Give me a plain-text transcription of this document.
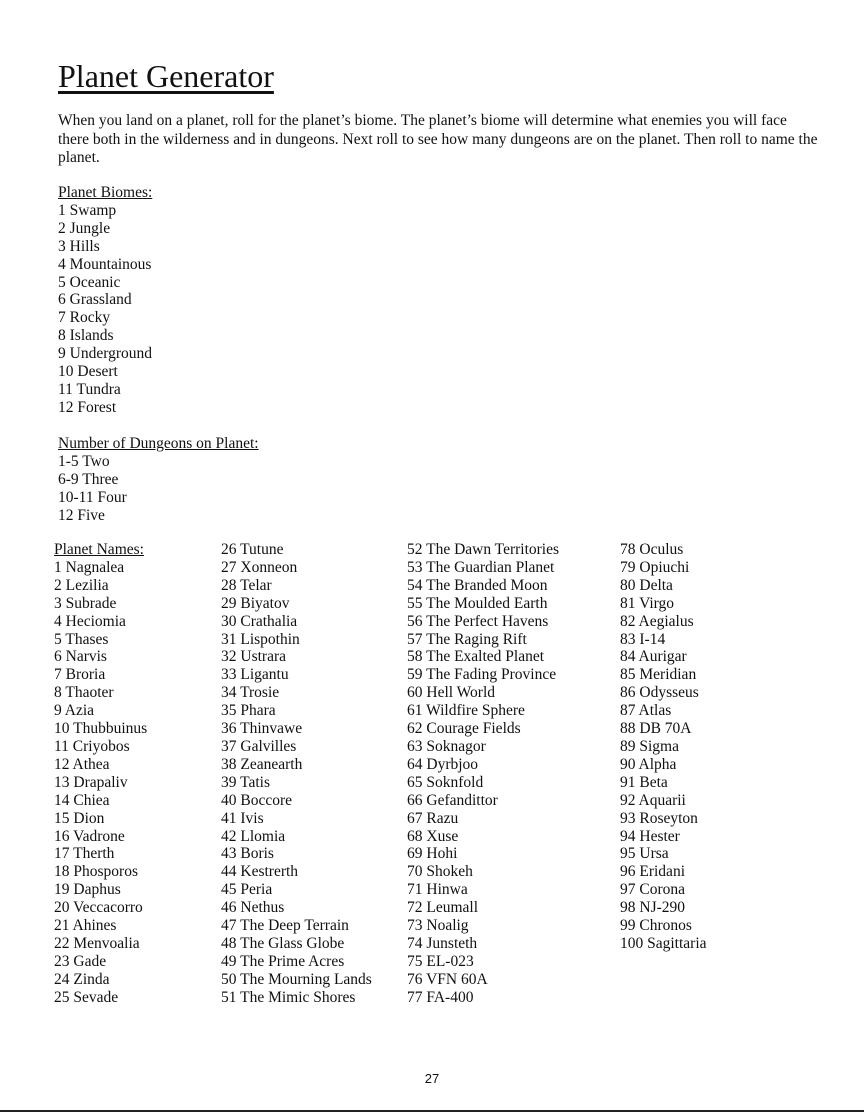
Planet Generator

When you land on a planet, roll for the planet’s biome. The planet’s biome will determine what enemies you will face there both in the wilderness and in dungeons. Next roll to see how many dungeons are on the planet. Then roll to name the planet.

Planet Biomes:
1 Swamp
2 Jungle
3 Hills
4 Mountainous
5 Oceanic
6 Grassland
7 Rocky
8 Islands
9 Underground
10 Desert
11 Tundra
12 Forest
Number of Dungeons on Planet:
1-5 Two
6-9 Three
10-11 Four
12 Five
Planet Names:
1 Nagnalea
2 Lezilia
3 Subrade
4 Heciomia
5 Thases
6 Narvis
7 Broria
8 Thaoter
9 Azia
10 Thubbuinus
11 Criyobos
12 Athea
13 Drapaliv
14 Chiea
15 Dion
16 Vadrone
17 Therth
18 Phosporos
19 Daphus
20 Veccacorro
21 Ahines
22 Menvoalia
23 Gade
24 Zinda
25 Sevade
26 Tutune
27 Xonneon
28 Telar
29 Biyatov
30 Crathalia
31 Lispothin
32 Ustrara
33 Ligantu
34 Trosie
35 Phara
36 Thinvawe
37 Galvilles
38 Zeanearth
39 Tatis
40 Boccore
41 Ivis
42 Llomia
43 Boris
44 Kestrerth
45 Peria
46 Nethus
47 The Deep Terrain
48 The Glass Globe
49 The Prime Acres
50 The Mourning Lands
51 The Mimic Shores
52 The Dawn Territories
53 The Guardian Planet
54 The Branded Moon
55 The Moulded Earth
56 The Perfect Havens
57 The Raging Rift
58 The Exalted Planet
59 The Fading Province
60 Hell World
61 Wildfire Sphere
62 Courage Fields
63 Soknagor
64 Dyrbjoo
65 Soknfold
66 Gefandittor
67 Razu
68 Xuse
69 Hohi
70 Shokeh
71 Hinwa
72 Leumall
73 Noalig
74 Junsteth
75 EL-023
76 VFN 60A
77 FA-400
78 Oculus
79 Opiuchi
80 Delta
81 Virgo
82 Aegialus
83 I-14
84 Aurigar
85 Meridian
86 Odysseus
87 Atlas
88 DB 70A
89 Sigma
90 Alpha
91 Beta
92 Aquarii
93 Roseyton
94 Hester
95 Ursa
96 Eridani
97 Corona
98 NJ-290
99 Chronos
100 Sagittaria
27
